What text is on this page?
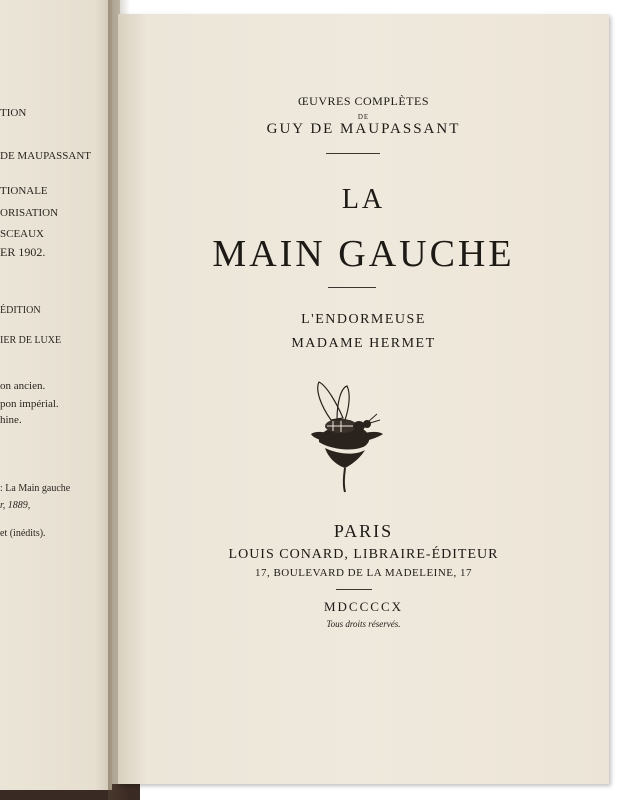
TION
DE MAUPASSANT
TIONALE
ORISATION
SCEAUX
ER 1902.
ÉDITION
IER DE LUXE
on ancien.
pon impérial.
hine.
: La Main gauche
r, 1889,
et (inédits).
ŒUVRES COMPLÈTES
DE
GUY DE MAUPASSANT
LA
MAIN GAUCHE
L'ENDORMEUSE
MADAME HERMET
PARIS
LOUIS CONARD, LIBRAIRE-ÉDITEUR
17, BOULEVARD DE LA MADELEINE, 17
MDCCCCX
Tous droits réservés.
